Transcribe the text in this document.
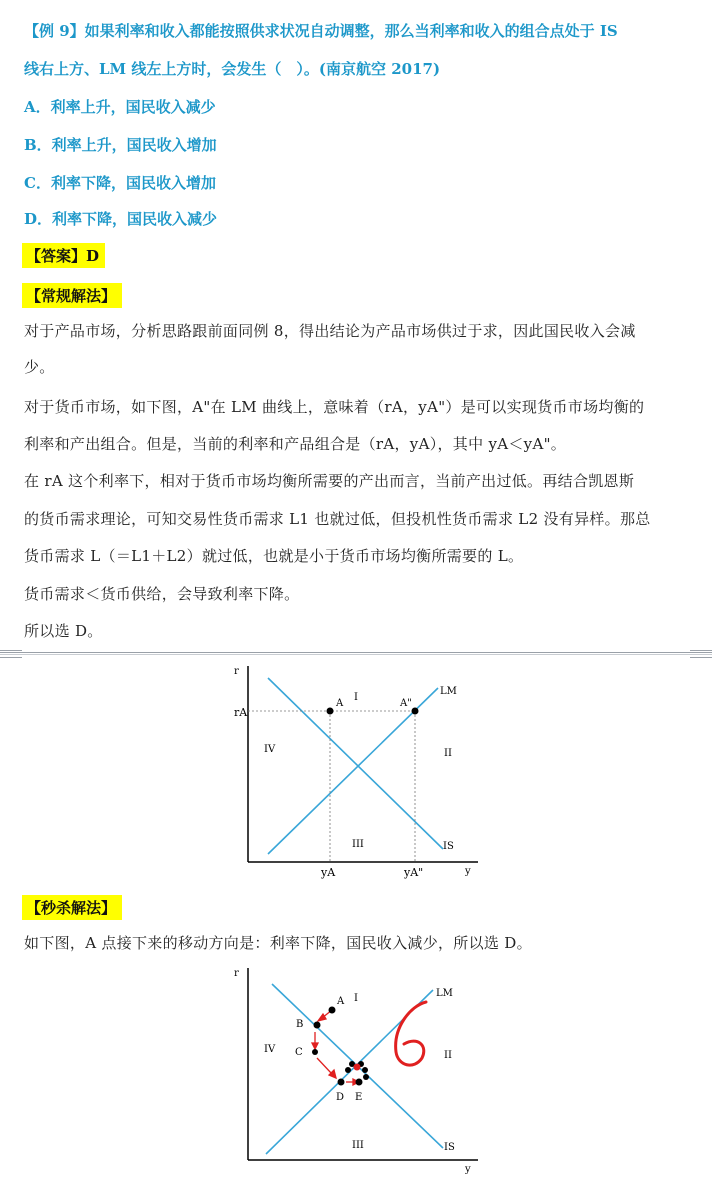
【例 9】如果利率和收入都能按照供求状况自动调整，那么当利率和收入的组合点处于 IS
线右上方、LM 线左上方时，会发生（　）。(南京航空 2017)
A．利率上升，国民收入减少
B．利率上升，国民收入增加
C．利率下降，国民收入增加
D．利率下降，国民收入减少
【答案】D
【常规解法】
对于产品市场，分析思路跟前面同例 8，得出结论为产品市场供过于求，因此国民收入会减
少。
对于货币市场，如下图，A"在 LM 曲线上，意味着（rA，yA"）是可以实现货币市场均衡的
利率和产出组合。但是，当前的利率和产品组合是（rA，yA），其中 yA＜yA"。
在 rA 这个利率下，相对于货币市场均衡所需要的产出而言，当前产出过低。再结合凯恩斯
的货币需求理论，可知交易性货币需求 L1 也就过低，但投机性货币需求 L2 没有异样。那总
货币需求 L（＝L1＋L2）就过低，也就是小于货币市场均衡所需要的 L。
货币需求＜货币供给，会导致利率下降。
所以选 D。
r
y
LM
IS
A	A"
rA
yA	yA"
I
II
III
IV
【秒杀解法】
如下图，A 点接下来的移动方向是：利率下降，国民收入减少，所以选 D。
r
y
LM
IS
I
II
III
IV
A
B
C
D E
